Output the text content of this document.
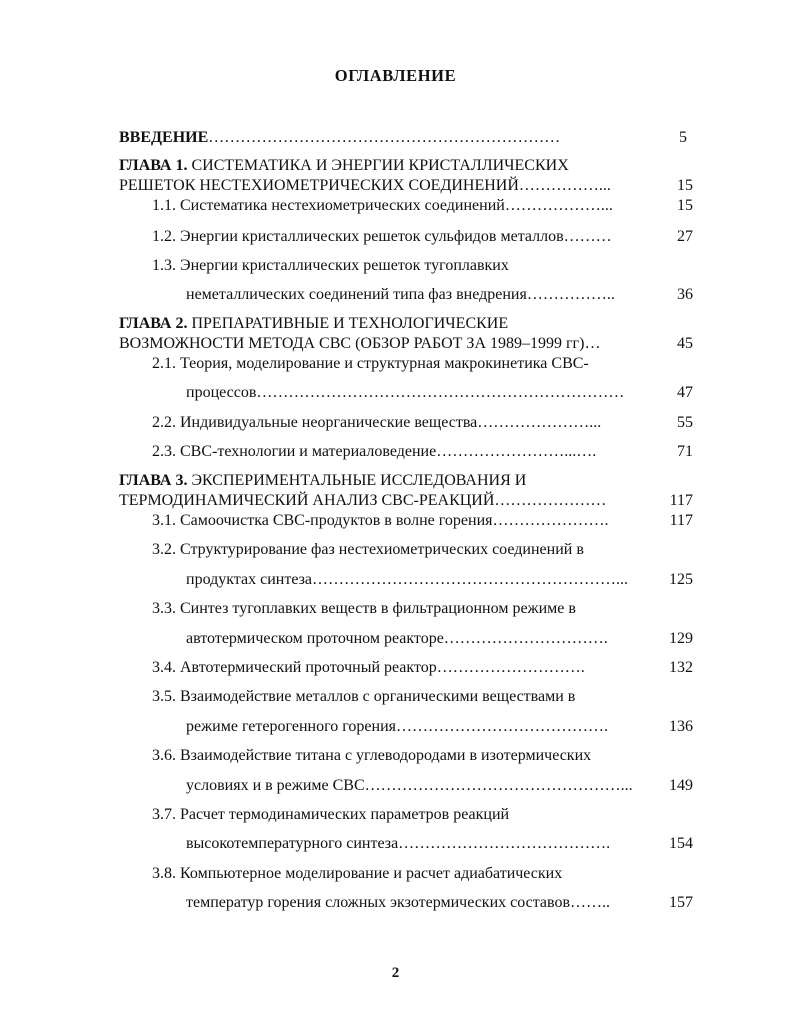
ОГЛАВЛЕНИЕ
ВВЕДЕНИЕ…………………………………………………………	5
ГЛАВА 1. СИСТЕМАТИКА И ЭНЕРГИИ КРИСТАЛЛИЧЕСКИХ
РЕШЕТОК НЕСТЕХИОМЕТРИЧЕСКИХ СОЕДИНЕНИЙ……………...	15
1.1. Систематика нестехиометрических соединений………………...	15
1.2. Энергии кристаллических решеток сульфидов металлов………	27
1.3. Энергии кристаллических решеток тугоплавких
неметаллических соединений типа фаз внедрения……………..	36
ГЛАВА 2. ПРЕПАРАТИВНЫЕ И ТЕХНОЛОГИЧЕСКИЕ
ВОЗМОЖНОСТИ МЕТОДА СВС (ОБЗОР РАБОТ ЗА 1989–1999 гг)…	45
2.1. Теория, моделирование и структурная макрокинетика СВС-
процессов……………………………………………………………	47
2.2. Индивидуальные неорганические вещества…………………...	55
2.3. СВС-технологии и материаловедение……………………...….	71
ГЛАВА 3. ЭКСПЕРИМЕНТАЛЬНЫЕ ИССЛЕДОВАНИЯ И
ТЕРМОДИНАМИЧЕСКИЙ АНАЛИЗ СВС-РЕАКЦИЙ…………………	117
3.1. Самоочистка СВС-продуктов в волне горения………………….	117
3.2. Структурирование фаз нестехиометрических соединений в
продуктах синтеза…………………………………………………...	125
3.3. Синтез тугоплавких веществ в фильтрационном режиме в
автотермическом проточном реакторе………………………….	129
3.4. Автотермический проточный реактор……………………….	132
3.5. Взаимодействие металлов с органическими веществами в
режиме гетерогенного горения………………………………….	136
3.6. Взаимодействие титана с углеводородами в изотермических
условиях и в режиме СВС…………………………………………... 149
3.7. Расчет термодинамических параметров реакций
высокотемпературного синтеза………………………………….	154
3.8. Компьютерное моделирование и расчет адиабатических
температур горения сложных экзотермических составов……..	157
2
